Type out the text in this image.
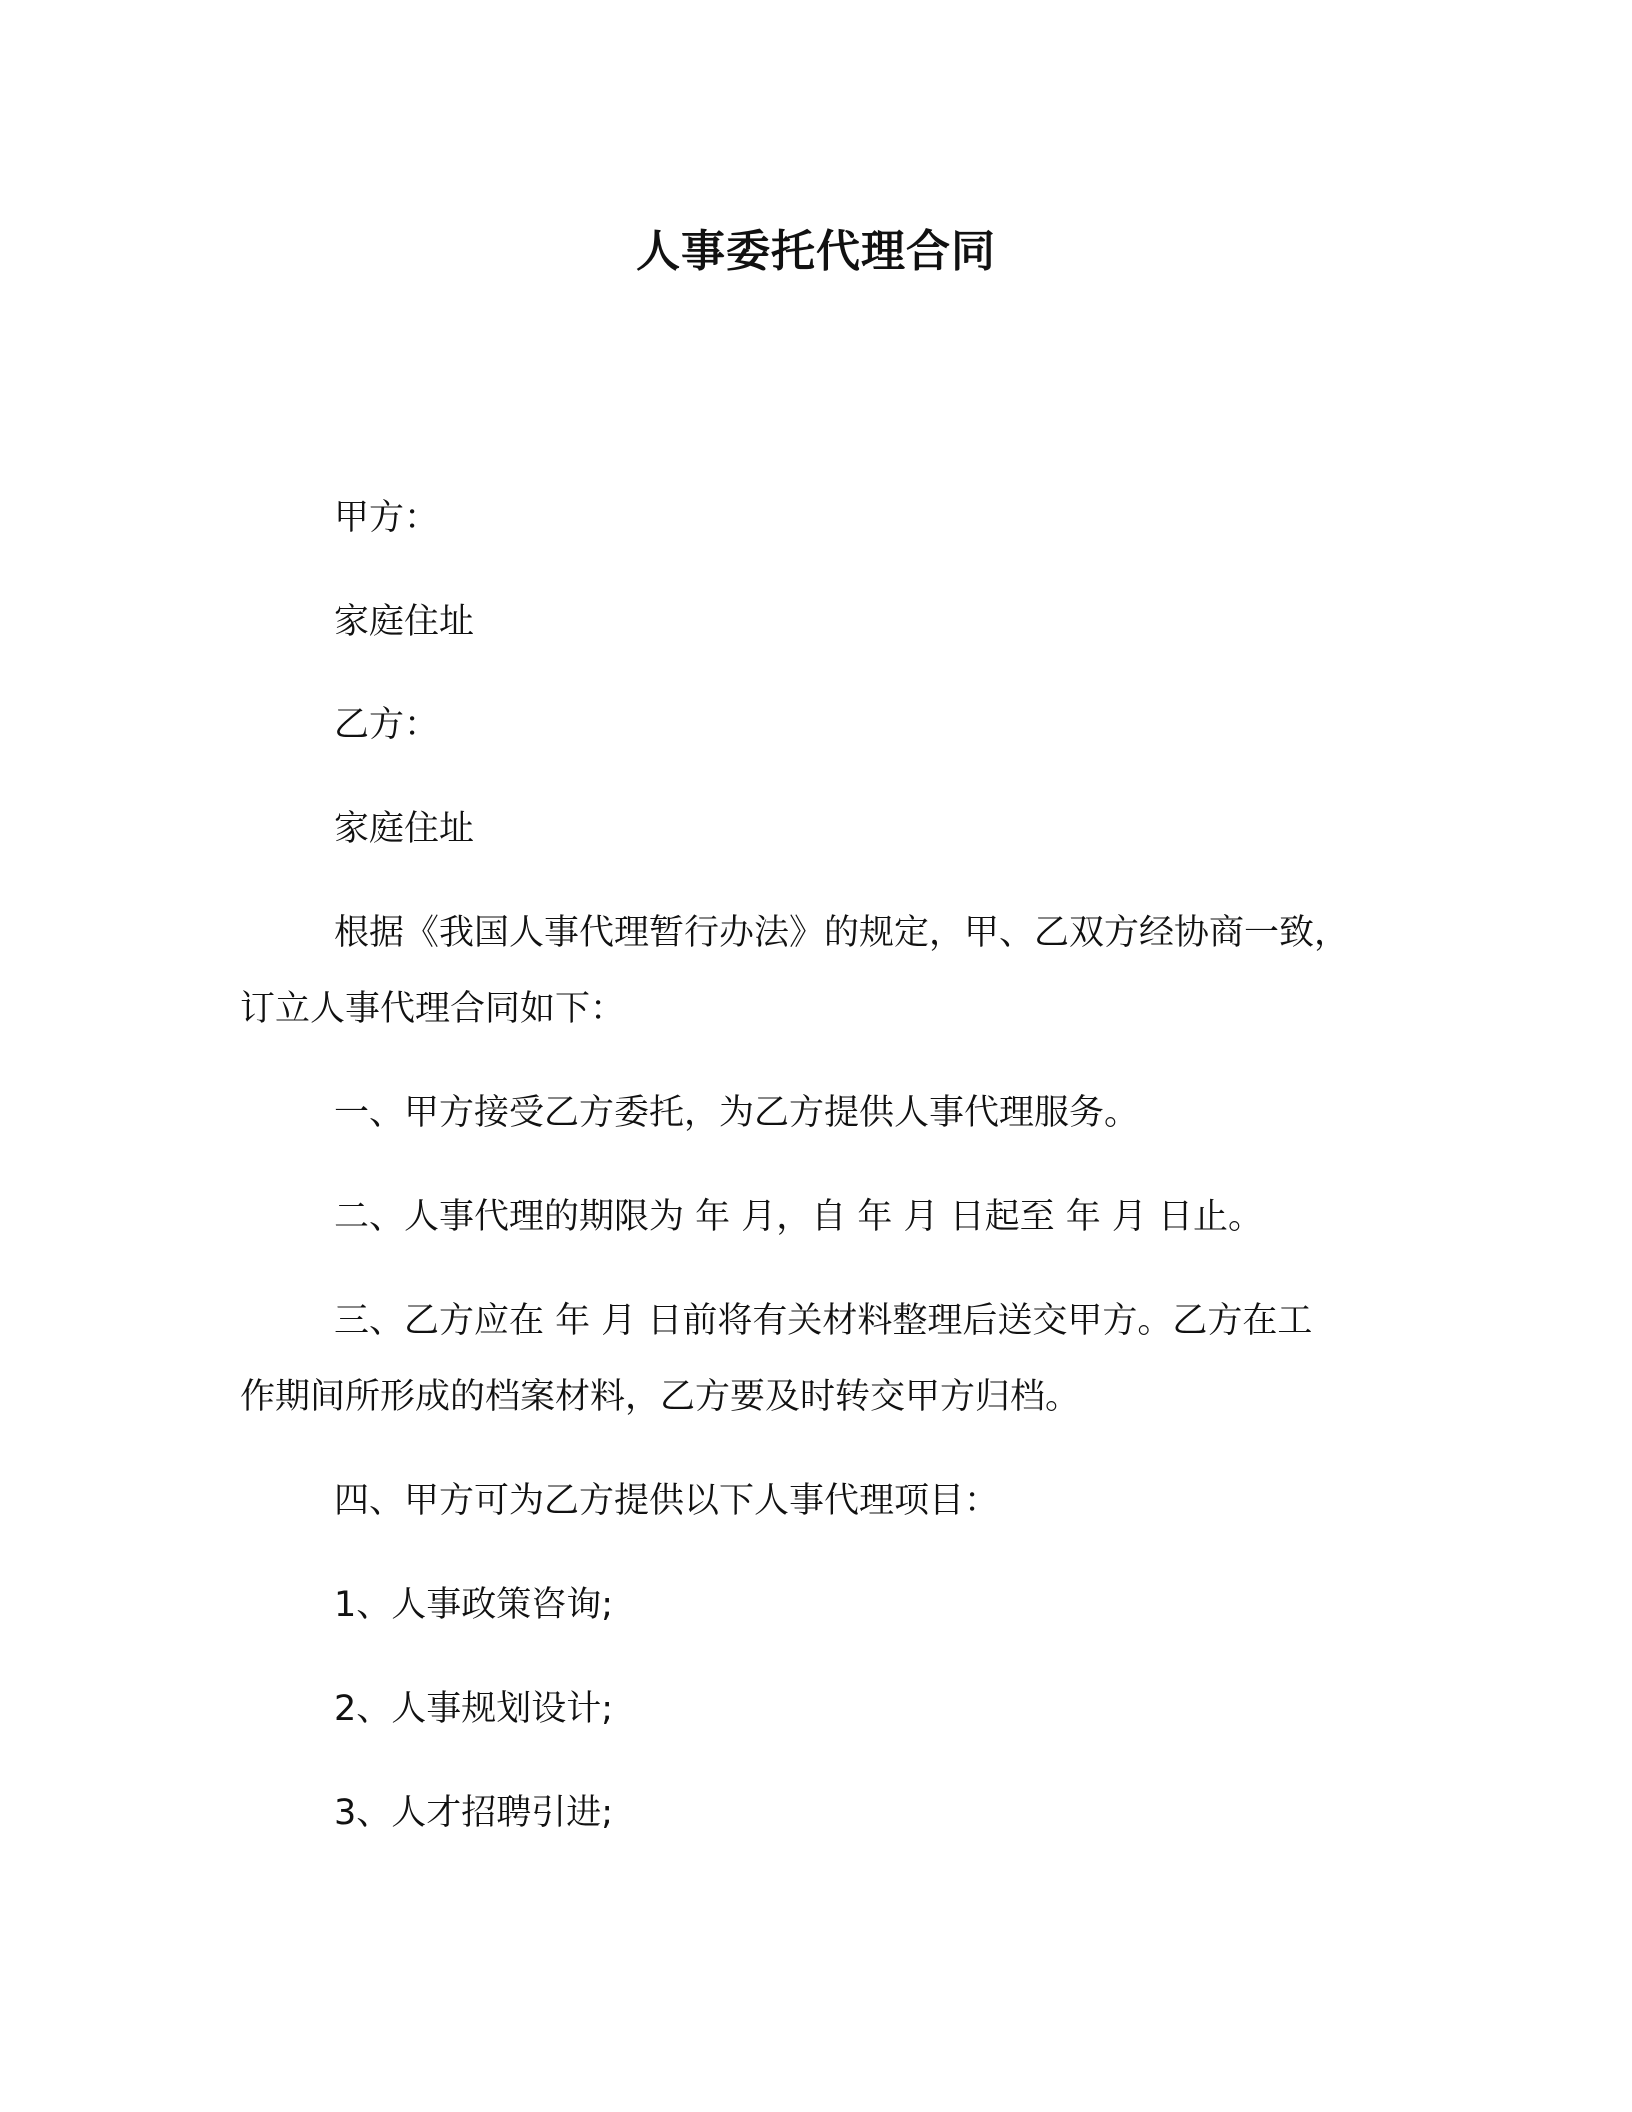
人事委托代理合同

甲方：

家庭住址

乙方：

家庭住址

根据《我国人事代理暂行办法》的规定，甲、乙双方经协商一致，

订立人事代理合同如下：

一、甲方接受乙方委托，为乙方提供人事代理服务。

二、人事代理的期限为 年 月，自 年 月 日起至 年 月 日止。

三、乙方应在 年 月 日前将有关材料整理后送交甲方。乙方在工

作期间所形成的档案材料，乙方要及时转交甲方归档。

四、甲方可为乙方提供以下人事代理项目：

1、人事政策咨询;

2、人事规划设计;

3、人才招聘引进;
